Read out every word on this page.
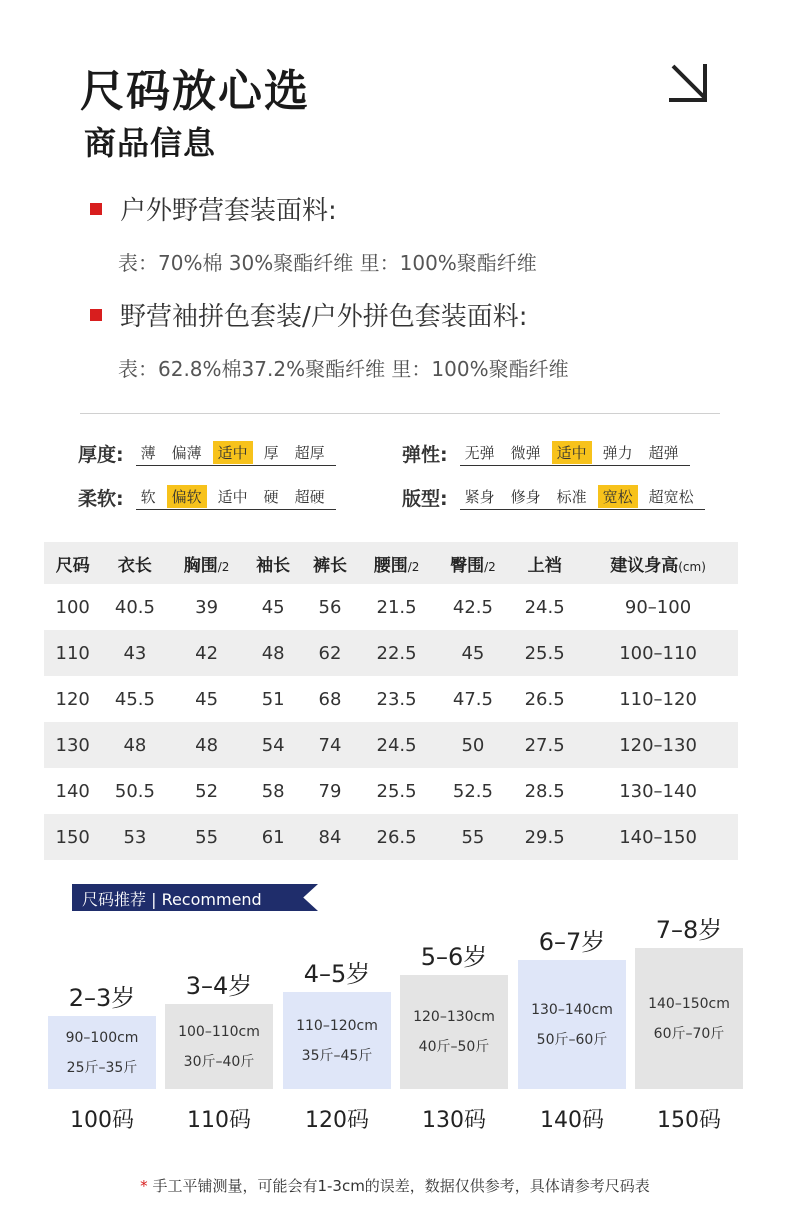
尺码放心选
商品信息
户外野营套装面料:
表：70%棉 30%聚酯纤维 里：100%聚酯纤维
野营袖拼色套装/户外拼色套装面料:
表：62.8%棉37.2%聚酯纤维 里：100%聚酯纤维
厚度:	薄	偏薄	适中	厚	超厚	弹性:	无弹	微弹	适中	弹力	超弹
柔软:	软	偏软	适中	硬	超硬	版型:	紧身	修身	标准	宽松	超宽松
尺码	衣长	胸围/2	袖长	裤长	腰围/2	臀围/2	上裆	建议身高(cm)
100	40.5	39	45	56	21.5	42.5	24.5	90–100
110	43	42	48	62	22.5	45	25.5	100–110
120	45.5	45	51	68	23.5	47.5	26.5	110–120
130	48	48	54	74	24.5	50	27.5	120–130
140	50.5	52	58	79	25.5	52.5	28.5	130–140
150	53	55	61	84	26.5	55	29.5	140–150
尺码推荐 | Recommend
2–3岁
90–100cm
25斤–35斤
100码
3–4岁
100–110cm
30斤–40斤
110码
4–5岁
110–120cm
35斤–45斤
120码
5–6岁
120–130cm
40斤–50斤
130码
6–7岁
130–140cm
50斤–60斤
140码
7–8岁
140–150cm
60斤–70斤
150码
* 手工平铺测量，可能会有1-3cm的误差，数据仅供参考，具体请参考尺码表
